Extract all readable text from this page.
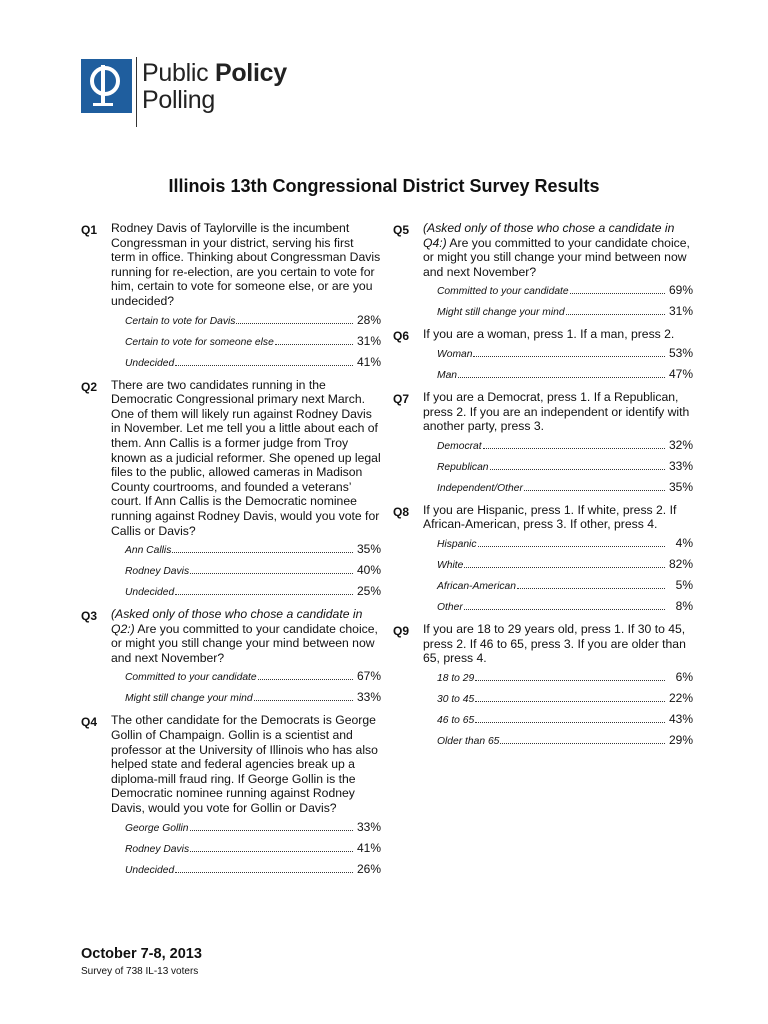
Public Policy
Polling
Illinois 13th Congressional District Survey Results
Q1 Rodney Davis of Taylorville is the incumbent Congressman in your district, serving his first term in office. Thinking about Congressman Davis running for re-election, are you certain to vote for him, certain to vote for someone else, or are you undecided?

Certain to vote for Davis	28%
Certain to vote for someone else	31%
Undecided	41%
Q2 There are two candidates running in the Democratic Congressional primary next March. One of them will likely run against Rodney Davis in November. Let me tell you a little about each of them. Ann Callis is a former judge from Troy known as a judicial reformer. She opened up legal files to the public, allowed cameras in Madison County courtrooms, and founded a veterans’ court. If Ann Callis is the Democratic nominee running against Rodney Davis, would you vote for Callis or Davis?

Ann Callis	35%
Rodney Davis	40%
Undecided	25%
Q3 (Asked only of those who chose a candidate in Q2:) Are you committed to your candidate choice, or might you still change your mind between now and next November?

Committed to your candidate	67%
Might still change your mind	33%
Q4 The other candidate for the Democrats is George Gollin of Champaign. Gollin is a scientist and professor at the University of Illinois who has also helped state and federal agencies break up a diploma-mill fraud ring. If George Gollin is the Democratic nominee running against Rodney Davis, would you vote for Gollin or Davis?

George Gollin	33%
Rodney Davis	41%
Undecided	26%
Q5 (Asked only of those who chose a candidate in Q4:) Are you committed to your candidate choice, or might you still change your mind between now and next November?

Committed to your candidate	69%
Might still change your mind	31%
Q6 If you are a woman, press 1. If a man, press 2.

Woman	53%
Man	47%
Q7 If you are a Democrat, press 1. If a Republican, press 2. If you are an independent or identify with another party, press 3.

Democrat	32%
Republican	33%
Independent/Other	35%
Q8 If you are Hispanic, press 1. If white, press 2. If African-American, press 3. If other, press 4.

Hispanic	4%
White	82%
African-American	5%
Other	8%
Q9 If you are 18 to 29 years old, press 1. If 30 to 45, press 2. If 46 to 65, press 3. If you are older than 65, press 4.

18 to 29	6%
30 to 45	22%
46 to 65	43%
Older than 65	29%
October 7-8, 2013
Survey of 738 IL-13 voters
